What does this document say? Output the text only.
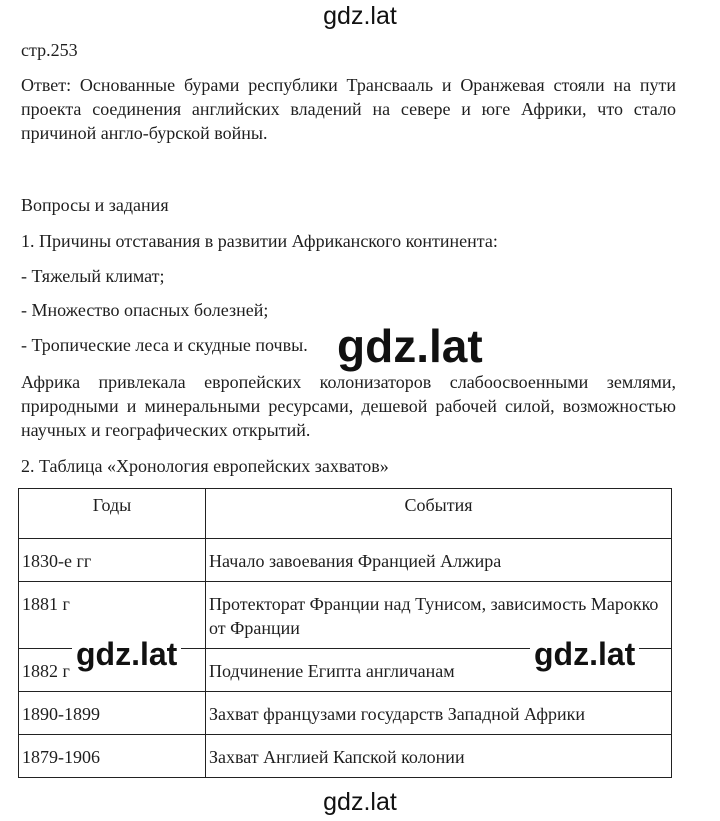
gdz.lat
стр.253
Ответ: Основанные бурами республики Трансвааль и Оранжевая стояли на пути проекта соединения английских владений на севере и юге Африки, что стало причиной англо-бурской войны.
Вопросы и задания
1. Причины отставания в развитии Африканского континента:
- Тяжелый климат;
- Множество опасных болезней;
- Тропические леса и скудные почвы.
Африка привлекала европейских колонизаторов слабоосвоенными землями, природными и минеральными ресурсами, дешевой рабочей силой, возможностью научных и географических открытий.
2. Таблица «Хронология европейских захватов»
Годы	События
1830-е гг	Начало завоевания Францией Алжира
1881 г	Протекторат Франции над Тунисом, зависимость Марокко от Франции
1882 г	Подчинение Египта англичанам
1890-1899	Захват французами государств Западной Африки
1879-1906	Захват Англией Капской колонии
gdz.lat
gdz.lat	gdz.lat
gdz.lat
